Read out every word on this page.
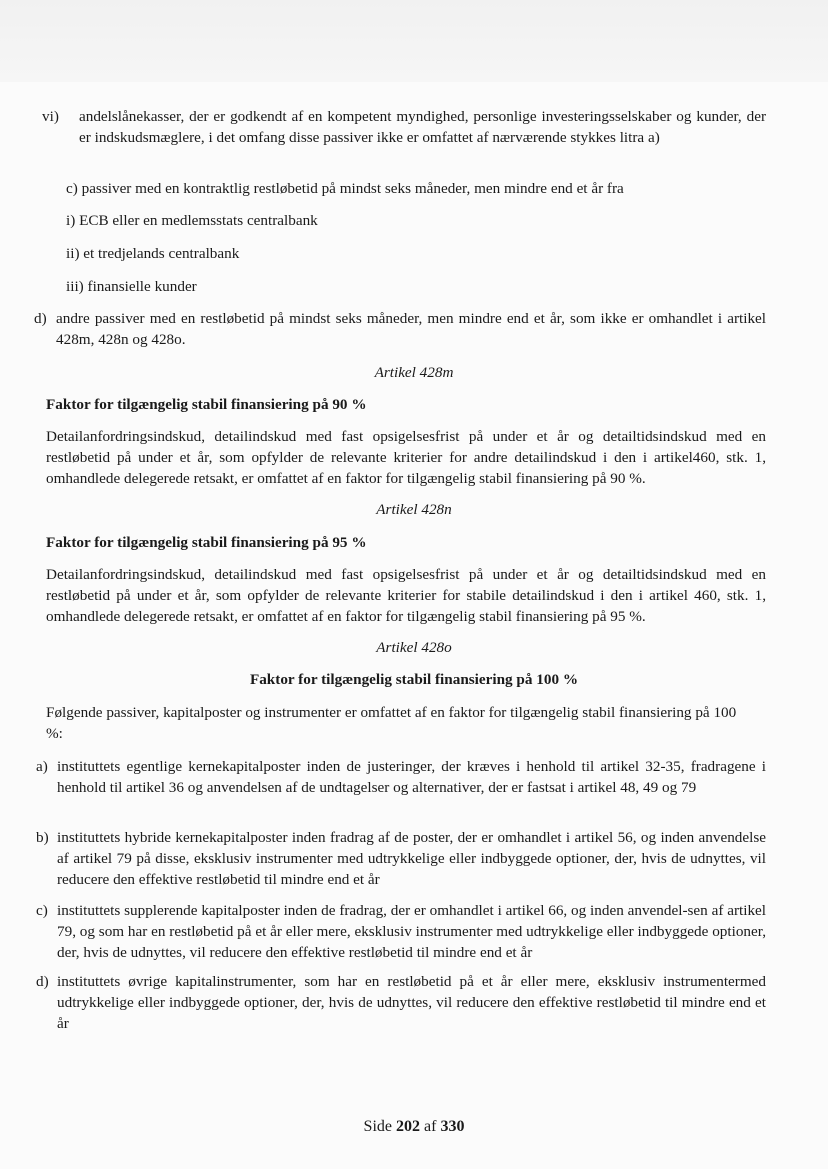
vi)	andelslånekasser, der er godkendt af en kompetent myndighed, personlige investeringsselskaber og kunder, der er indskudsmæglere, i det omfang disse passiver ikke er omfattet af nærværende stykkes litra a)
c) passiver med en kontraktlig restløbetid på mindst seks måneder, men mindre end et år fra
i) ECB eller en medlemsstats centralbank
ii) et tredjelands centralbank
iii) finansielle kunder
d) andre passiver med en restløbetid på mindst seks måneder, men mindre end et år, som ikke er omhandlet i artikel 428m, 428n og 428o.
Artikel 428m
Faktor for tilgængelig stabil finansiering på 90 %
Detailanfordringsindskud, detailindskud med fast opsigelsesfrist på under et år og detailtidsindskud med en restløbetid på under et år, som opfylder de relevante kriterier for andre detailindskud i den i artikel460, stk. 1, omhandlede delegerede retsakt, er omfattet af en faktor for tilgængelig stabil finansiering på 90 %.
Artikel 428n
Faktor for tilgængelig stabil finansiering på 95 %
Detailanfordringsindskud, detailindskud med fast opsigelsesfrist på under et år og detailtidsindskud med en restløbetid på under et år, som opfylder de relevante kriterier for stabile detailindskud i den i artikel 460, stk. 1, omhandlede delegerede retsakt, er omfattet af en faktor for tilgængelig stabil finansiering på 95 %.
Artikel 428o
Faktor for tilgængelig stabil finansiering på 100 %
Følgende passiver, kapitalposter og instrumenter er omfattet af en faktor for tilgængelig stabil finansiering på 100 %:
a) instituttets egentlige kernekapitalposter inden de justeringer, der kræves i henhold til artikel 32-35, fradragene i henhold til artikel 36 og anvendelsen af de undtagelser og alternativer, der er fastsat i artikel 48, 49 og 79
b) instituttets hybride kernekapitalposter inden fradrag af de poster, der er omhandlet i artikel 56, og inden anvendelse af artikel 79 på disse, eksklusiv instrumenter med udtrykkelige eller indbyggede optioner, der, hvis de udnyttes, vil reducere den effektive restløbetid til mindre end et år
c) instituttets supplerende kapitalposter inden de fradrag, der er omhandlet i artikel 66, og inden anvendel-sen af artikel 79, og som har en restløbetid på et år eller mere, eksklusiv instrumenter med udtrykkelige eller indbyggede optioner, der, hvis de udnyttes, vil reducere den effektive restløbetid til mindre end et år
d) instituttets øvrige kapitalinstrumenter, som har en restløbetid på et år eller mere, eksklusiv instrumentermed udtrykkelige eller indbyggede optioner, der, hvis de udnyttes, vil reducere den effektive restløbetid til mindre end et år
Side 202 af 330
